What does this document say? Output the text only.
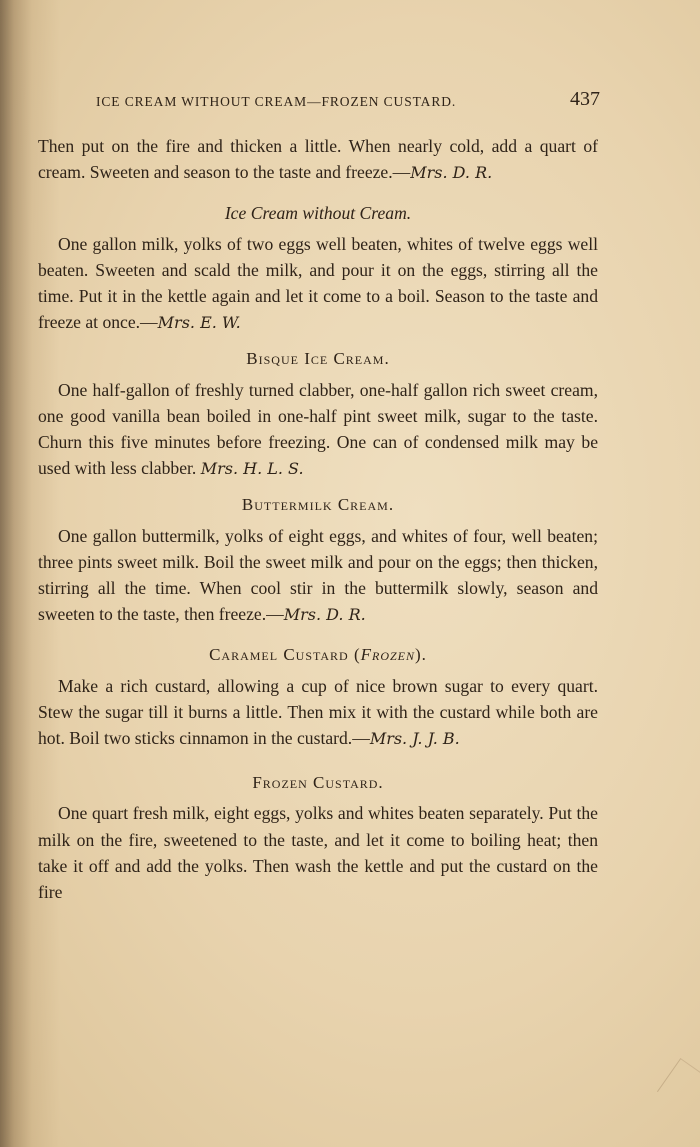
ICE CREAM WITHOUT CREAM—FROZEN CUSTARD.	437

Then put on the fire and thicken a little. When nearly cold, add a quart of cream. Sweeten and season to the taste and freeze.—Mrs. D. R.

Ice Cream without Cream.

One gallon milk, yolks of two eggs well beaten, whites of twelve eggs well beaten. Sweeten and scald the milk, and pour it on the eggs, stirring all the time. Put it in the kettle again and let it come to a boil. Season to the taste and freeze at once.—Mrs. E. W.

Bisque Ice Cream.

One half-gallon of freshly turned clabber, one-half gallon rich sweet cream, one good vanilla bean boiled in one-half pint sweet milk, sugar to the taste. Churn this five minutes before freezing. One can of condensed milk may be used with less clabber. Mrs. H. L. S.

Buttermilk Cream.

One gallon buttermilk, yolks of eight eggs, and whites of four, well beaten; three pints sweet milk. Boil the sweet milk and pour on the eggs; then thicken, stirring all the time. When cool stir in the buttermilk slowly, season and sweeten to the taste, then freeze.—Mrs. D. R.

Caramel Custard (Frozen).

Make a rich custard, allowing a cup of nice brown sugar to every quart. Stew the sugar till it burns a little. Then mix it with the custard while both are hot. Boil two sticks cinnamon in the custard.—Mrs. J. J. B.

Frozen Custard.

One quart fresh milk, eight eggs, yolks and whites beaten separately. Put the milk on the fire, sweetened to the taste, and let it come to boiling heat; then take it off and add the yolks. Then wash the kettle and put the custard on the fire
